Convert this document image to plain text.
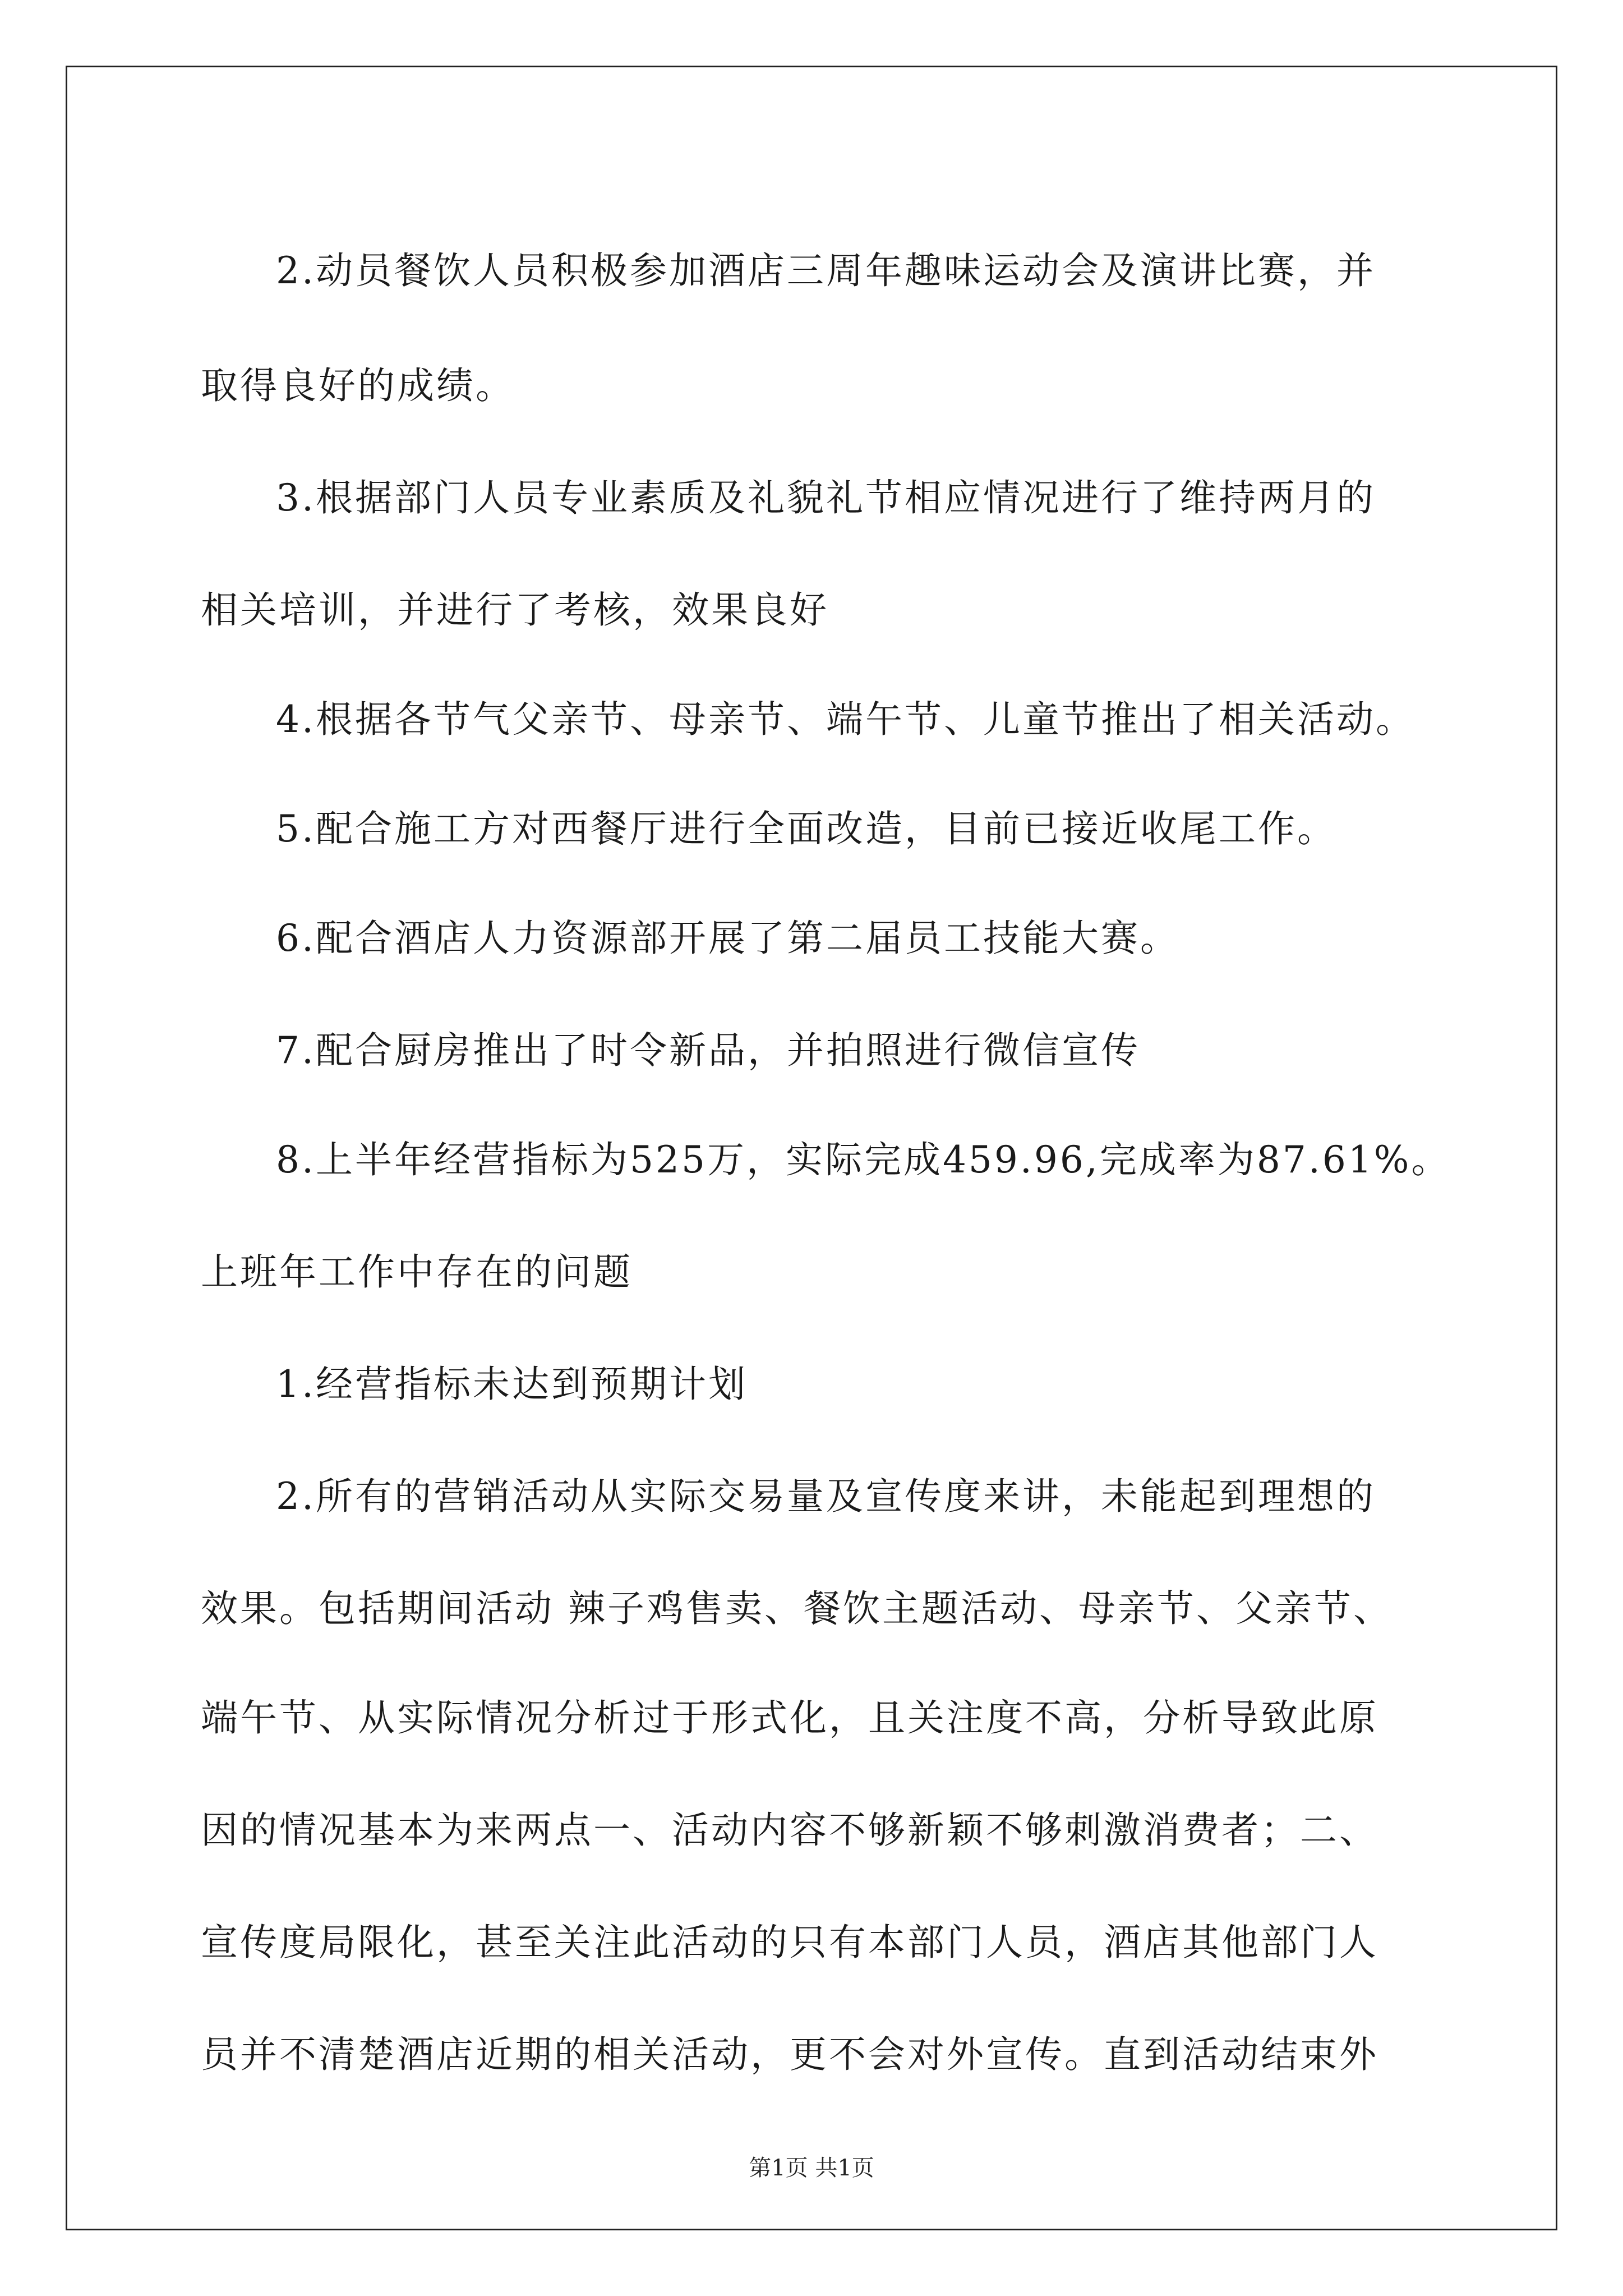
2.动员餐饮人员积极参加酒店三周年趣味运动会及演讲比赛，并
取得良好的成绩。
3.根据部门人员专业素质及礼貌礼节相应情况进行了维持两月的
相关培训，并进行了考核，效果良好
4.根据各节气父亲节、母亲节、端午节、儿童节推出了相关活动。
5.配合施工方对西餐厅进行全面改造，目前已接近收尾工作。
6.配合酒店人力资源部开展了第二届员工技能大赛。
7.配合厨房推出了时令新品，并拍照进行微信宣传
8.上半年经营指标为525万，实际完成459.96,完成率为87.61%。
上班年工作中存在的问题
1.经营指标未达到预期计划
2.所有的营销活动从实际交易量及宣传度来讲，未能起到理想的
效果。包括期间活动 辣子鸡售卖、餐饮主题活动、母亲节、父亲节、
端午节、从实际情况分析过于形式化，且关注度不高，分析导致此原
因的情况基本为来两点一、活动内容不够新颖不够刺激消费者；二、
宣传度局限化，甚至关注此活动的只有本部门人员，酒店其他部门人
员并不清楚酒店近期的相关活动，更不会对外宣传。直到活动结束外
第1页 共1页
